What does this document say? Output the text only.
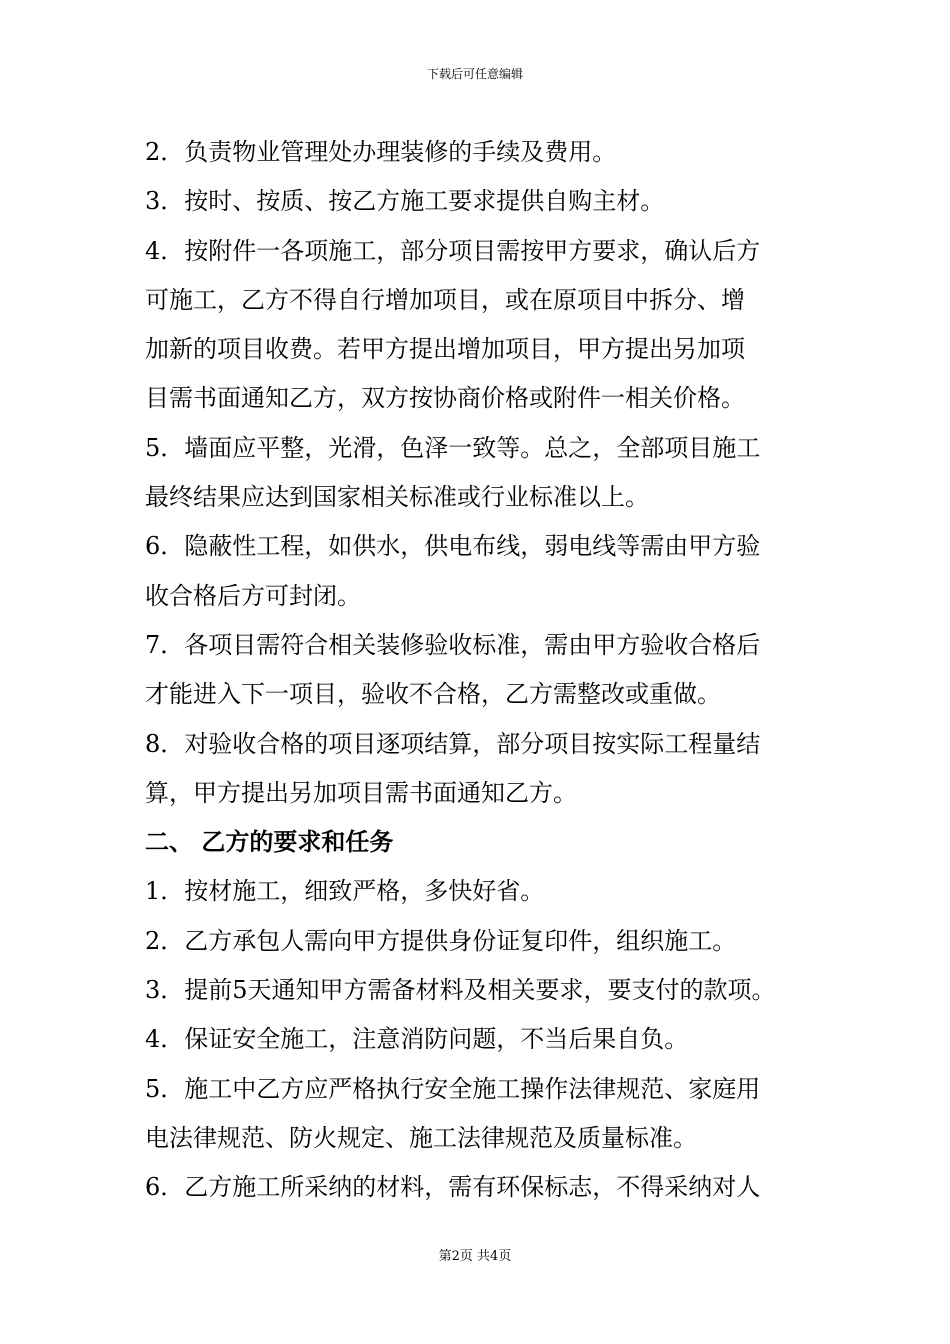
下载后可任意编辑
2．负责物业管理处办理装修的手续及费用。
3．按时、按质、按乙方施工要求提供自购主材。
4．按附件一各项施工，部分项目需按甲方要求，确认后方
可施工，乙方不得自行增加项目，或在原项目中拆分、增
加新的项目收费。若甲方提出增加项目，甲方提出另加项
目需书面通知乙方，双方按协商价格或附件一相关价格。
5．墙面应平整，光滑，色泽一致等。总之，全部项目施工
最终结果应达到国家相关标准或行业标准以上。
6．隐蔽性工程，如供水，供电布线，弱电线等需由甲方验
收合格后方可封闭。
7．各项目需符合相关装修验收标准，需由甲方验收合格后
才能进入下一项目，验收不合格，乙方需整改或重做。
8．对验收合格的项目逐项结算，部分项目按实际工程量结
算，甲方提出另加项目需书面通知乙方。
二、 乙方的要求和任务
1．按材施工，细致严格，多快好省。
2．乙方承包人需向甲方提供身份证复印件，组织施工。
3．提前5天通知甲方需备材料及相关要求，要支付的款项。
4．保证安全施工，注意消防问题，不当后果自负。
5．施工中乙方应严格执行安全施工操作法律规范、家庭用
电法律规范、防火规定、施工法律规范及质量标准。
6．乙方施工所采纳的材料，需有环保标志，不得采纳对人
第2页 共4页
